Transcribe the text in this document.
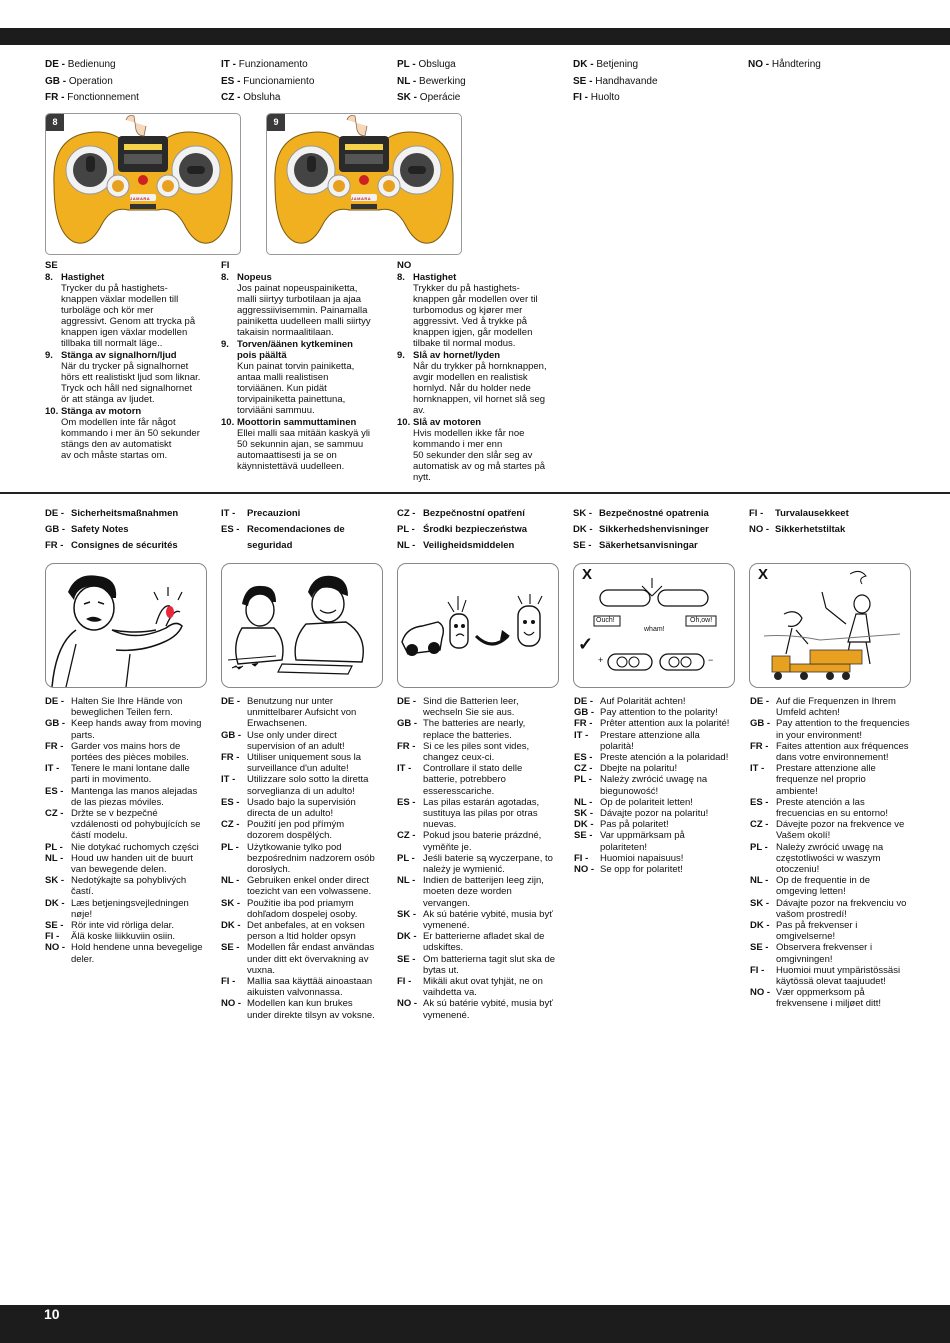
DE - Bedienung
GB - Operation
FR - Fonctionnement
IT - Funzionamento
ES - Funcionamiento
CZ - Obsluha
PL - Obsluga
NL - Bewerking
SK - Operácie
DK - Betjening
SE - Handhavande
FI - Huolto
NO - Håndtering
8
JAMARA
9
JAMARA
SE
8. Hastighet
Trycker du på hastighets-
knappen växlar modellen till
turboläge och kör mer
aggressivt. Genom att trycka på
knappen igen växlar modellen
tillbaka till normalt läge..
9. Stänga av signalhorn/ljud
När du trycker på signalhornet
hörs ett realistiskt ljud som liknar.
Tryck och håll ned signalhornet
ör att stänga av ljudet.
10. Stänga av motorn
Om modellen inte får något
kommando i mer än 50 sekunder
stängs den av automatiskt
av och måste startas om.
FI
8. Nopeus
Jos painat nopeuspainiketta,
malli siirtyy turbotilaan ja ajaa
aggressiivisemmin. Painamalla
painiketta uudelleen malli siirtyy
takaisin normaalitilaan.
9. Torven/äänen kytkeminen
pois päältä
Kun painat torvin painiketta,
antaa malli realistisen
torviäänen. Kun pidät
torvipainiketta painettuna,
torviääni sammuu.
10. Moottorin sammuttaminen
Ellei malli saa mitään kaskyä yli
50 sekunnin ajan, se sammuu
automaattisesti ja se on
käynnistettävä uudelleen.
NO
8. Hastighet
Trykker du på hastighets-
knappen går modellen over til
turbomodus og kjører mer
aggressivt. Ved å trykke på
knappen igjen, går modellen
tilbake til normal modus.
9. Slå av hornet/lyden
Når du trykker på hornknappen,
avgir modellen en realistisk
hornlyd. Når du holder nede
hornknappen, vil hornet slå seg
av.
10. Slå av motoren
Hvis modellen ikke får noe
kommando i mer enn
50 sekunder den slår seg av
automatisk av og må startes på
nytt.
DE - Sicherheitsmaßnahmen
GB - Safety Notes
FR - Consignes de sécurités
IT -	Precauzioni
ES - Recomendaciones de
seguridad
CZ - Bezpečnostní opatření
PL - Środki bezpieczeństwa
NL - Veiligheidsmiddelen
SK - Bezpečnostné opatrenia
DK - Sikkerhedshenvisninger
SE - Säkerhetsanvisningar
FI -	Turvalausekkeet
NO - Sikkerhetstiltak
X
✓
Ouch!
wham!
Oh,ow!
+	−
X
DE - Halten Sie Ihre Hände von beweglichen Teilen fern.
GB - Keep hands away from moving parts.
FR - Garder vos mains hors de portées des pièces mobiles.
IT -	Tenere le mani lontane dalle parti in movimento.
ES - Mantenga las manos alejadas de las piezas móviles.
CZ - Držte se v bezpečné vzdálenosti od pohybujících se částí modelu.
PL - Nie dotykać ruchomych części
NL - Houd uw handen uit de buurt van bewegende delen.
SK - Nedotýkajte sa pohyblivých častí.
DK - Læs betjeningsvejledningen nøje!
SE - Rör inte vid rörliga delar.
FI -	Älä koske liikkuviin osiin.
NO - Hold hendene unna bevegelige deler.
DE - Benutzung nur unter unmittelbarer Aufsicht von Erwachsenen.
GB - Use only under direct supervision of an adult!
FR - Utiliser uniquement sous la surveillance d'un adulte!
IT -	Utilizzare solo sotto la diretta sorveglianza di un adulto!
ES - Usado bajo la supervisión directa de un adulto!
CZ - Použití jen pod přímým dozorem dospělých.
PL - Użytkowanie tylko pod bezpośrednim nadzorem osób dorosłych.
NL - Gebruiken enkel onder direct toezicht van een volwassene.
SK - Použitie iba pod priamym dohľadom dospelej osoby.
DK - Det anbefales, at en voksen person a ltid holder opsyn
SE - Modellen får endast användas under ditt ekt övervakning av vuxna.
FI -	Mallia saa käyttää ainoastaan aikuisten valvonnassa.
NO - Modellen kan kun brukes under direkte tilsyn av voksne.
DE - Sind die Batterien leer, wechseln Sie sie aus.
GB - The batteries are nearly, replace the batteries.
FR - Si ce les piles sont vides, changez ceux-ci.
IT -	Controllare il stato delle batterie, potrebbero esseresscariche.
ES - Las pilas estarán agotadas, sustituya las pilas por otras nuevas.
CZ - Pokud jsou baterie prázdné, vyměňte je.
PL - Jeśli baterie są wyczerpane, to należy je wymienić.
NL - Indien de batterijen leeg zijn, moeten deze worden vervangen.
SK - Ak sú batérie vybité, musia byť vymenené.
DK - Er batterierne afladet skal de udskiftes.
SE - Om batterierna tagit slut ska de bytas ut.
FI -	Mikäli akut ovat tyhjät, ne on vaihdetta va.
NO - Ak sú batérie vybité, musia byť vymenené.
DE - Auf Polarität achten!
GB - Pay attention to the polarity!
FR - Prêter attention aux la polarité!
IT -	Prestare attenzione alla polarità!
ES - Preste atención a la polaridad!
CZ - Dbejte na polaritu!
PL - Należy zwrócić uwagę na biegunowość!
NL - Op de polariteit letten!
SK - Dávajte pozor na polaritu!
DK - Pas på polaritet!
SE - Var uppmärksam på polariteten!
FI -	Huomioi napaisuus!
NO - Se opp for polaritet!
DE - Auf die Frequenzen in Ihrem Umfeld achten!
GB - Pay attention to the frequencies in your environment!
FR - Faites attention aux fréquences dans votre environnement!
IT -	Prestare attenzione alle frequenze nel proprio ambiente!
ES - Preste atención a las frecuencias en su entorno!
CZ - Dávejte pozor na frekvence ve Vašem okolí!
PL - Należy zwrócić uwagę na częstotliwości w waszym otoczeniu!
NL - Op de frequentie in de omgeving letten!
SK - Dávajte pozor na frekvenciu vo vašom prostredí!
DK - Pas på frekvenser i omgivelserne!
SE - Observera frekvenser i omgivningen!
FI -	Huomioi muut ympäristössäsi käytössä olevat taajuudet!
NO - Vær oppmerksom på frekvensene i miljøet ditt!
10
